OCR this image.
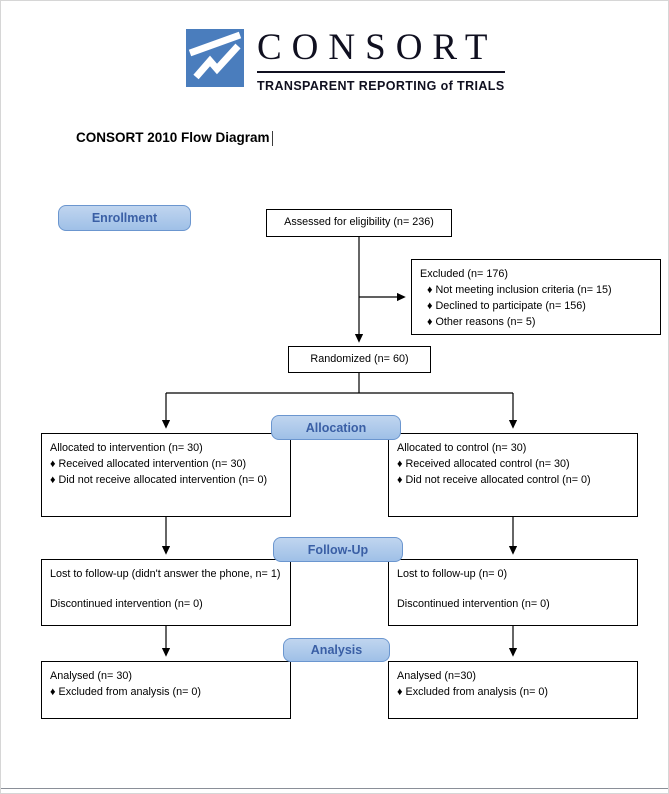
CONSORT
TRANSPARENT REPORTING of TRIALS
CONSORT 2010 Flow Diagram
Enrollment
Allocation
Follow-Up
Analysis
Assessed for eligibility (n= 236)
Excluded (n= 176)
♦ Not meeting inclusion criteria (n= 15)
♦ Declined to participate (n= 156)
♦ Other reasons (n= 5)
Randomized (n= 60)
Allocated to intervention (n= 30)
♦ Received allocated intervention (n= 30)
♦ Did not receive allocated intervention (n= 0)
Allocated to control (n= 30)
♦ Received allocated control (n= 30)
♦ Did not receive allocated control (n= 0)
Lost to follow-up (didn't answer the phone, n= 1)
Discontinued intervention (n= 0)
Lost to follow-up (n= 0)
Discontinued intervention (n= 0)
Analysed (n= 30)
♦ Excluded from analysis (n= 0)
Analysed (n=30)
♦ Excluded from analysis (n= 0)
